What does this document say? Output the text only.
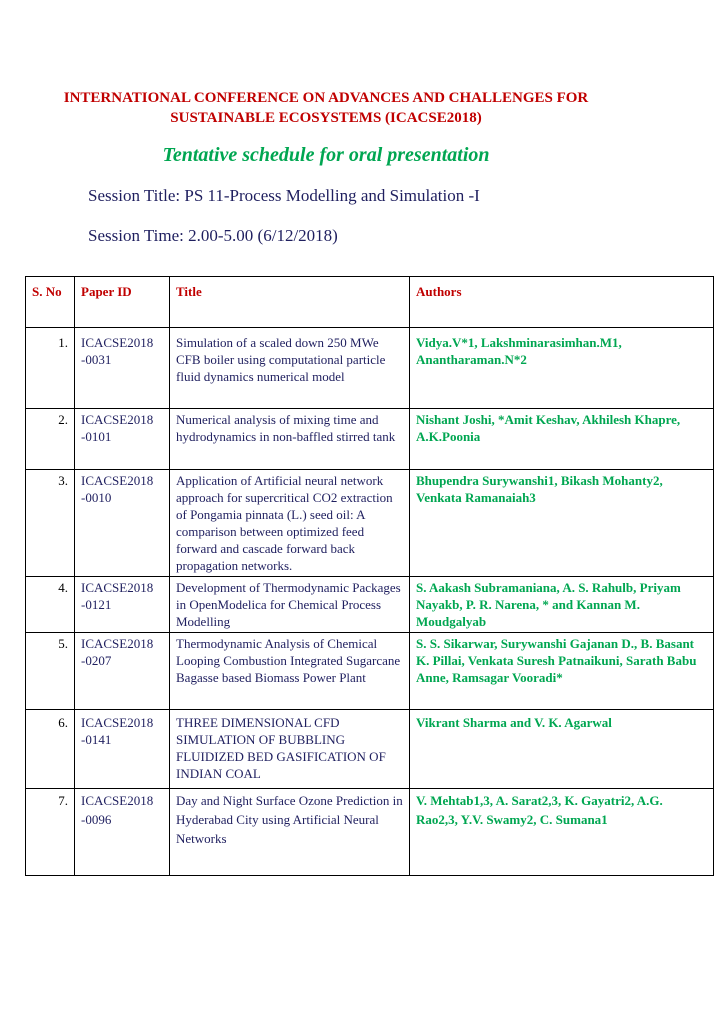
INTERNATIONAL CONFERENCE ON ADVANCES AND CHALLENGES FOR
SUSTAINABLE ECOSYSTEMS (ICACSE2018)
Tentative schedule for oral presentation
Session Title: PS 11-Process Modelling and Simulation -I
Session Time: 2.00-5.00 (6/12/2018)
S. No	Paper ID	Title	Authors
1.	ICACSE2018 -0031	Simulation of a scaled down 250 MWe CFB boiler using computational particle fluid dynamics numerical model	Vidya.V*1, Lakshminarasimhan.M1, Anantharaman.N*2
2.	ICACSE2018 -0101	Numerical analysis of mixing time and hydrodynamics in non-baffled stirred tank	Nishant Joshi, *Amit Keshav, Akhilesh Khapre, A.K.Poonia
3.	ICACSE2018 -0010	Application of Artificial neural network approach for supercritical CO2 extraction of Pongamia pinnata (L.) seed oil: A comparison between optimized feed forward and cascade forward back propagation networks.	Bhupendra Surywanshi1, Bikash Mohanty2, Venkata Ramanaiah3
4.	ICACSE2018 -0121	Development of Thermodynamic Packages in OpenModelica for Chemical Process Modelling	S. Aakash Subramaniana, A. S. Rahulb, Priyam Nayakb, P. R. Narena, * and Kannan M. Moudgalyab
5.	ICACSE2018 -0207	Thermodynamic Analysis of Chemical Looping Combustion Integrated Sugarcane Bagasse based Biomass Power Plant	S. S. Sikarwar, Surywanshi Gajanan D., B. Basant K. Pillai, Venkata Suresh Patnaikuni, Sarath Babu Anne, Ramsagar Vooradi*
6.	ICACSE2018 -0141	THREE DIMENSIONAL CFD SIMULATION OF BUBBLING FLUIDIZED BED GASIFICATION OF INDIAN COAL	Vikrant Sharma and V. K. Agarwal
7.	ICACSE2018 -0096	Day and Night Surface Ozone Prediction in Hyderabad City using Artificial Neural Networks	V. Mehtab1,3, A. Sarat2,3, K. Gayatri2, A.G. Rao2,3, Y.V. Swamy2, C. Sumana1
